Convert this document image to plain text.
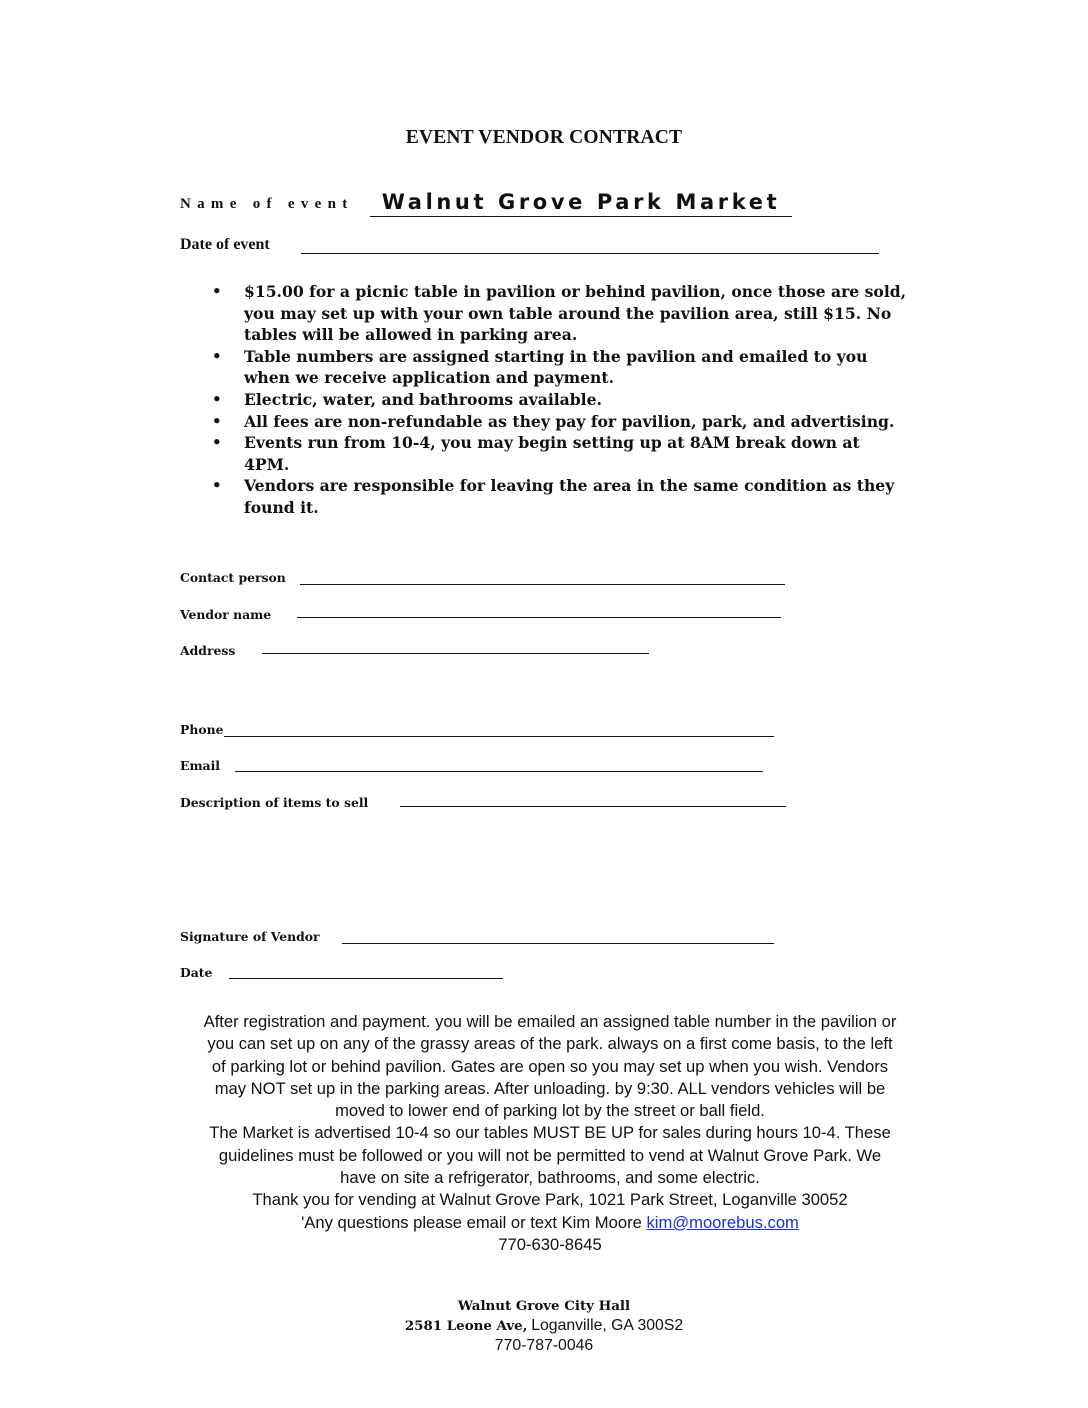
EVENT VENDOR CONTRACT
Name of event	Walnut Grove Park Market
Date of event
• $15.00 for a picnic table in pavilion or behind pavilion, once those are sold, you may set up with your own table around the pavilion area, still $15. No tables will be allowed in parking area.
• Table numbers are assigned starting in the pavilion and emailed to you when we receive application and payment.
• Electric, water, and bathrooms available.
• All fees are non-refundable as they pay for pavilion, park, and advertising.
• Events run from 10-4, you may begin setting up at 8AM break down at 4PM.
• Vendors are responsible for leaving the area in the same condition as they found it.
Contact person
Vendor name
Address
Phone
Email
Description of items to sell
Signature of Vendor
Date

After registration and payment. you will be emailed an assigned table number in the pavilion or you can set up on any of the grassy areas of the park. always on a first come basis, to the left of parking lot or behind pavilion. Gates are open so you may set up when you wish. Vendors may NOT set up in the parking areas. After unloading. by 9:30. ALL vendors vehicles will be moved to lower end of parking lot by the street or ball field.

The Market is advertised 10-4 so our tables MUST BE UP for sales during hours 10-4. These guidelines must be followed or you will not be permitted to vend at Walnut Grove Park. We have on site a refrigerator, bathrooms, and some electric.

Thank you for vending at Walnut Grove Park, 1021 Park Street, Loganville 30052

'Any questions please email or text Kim Moore kim@moorebus.com

770-630-8645

Walnut Grove City Hall
2581 Leone Ave, Loganville, GA 300S2
770-787-0046
